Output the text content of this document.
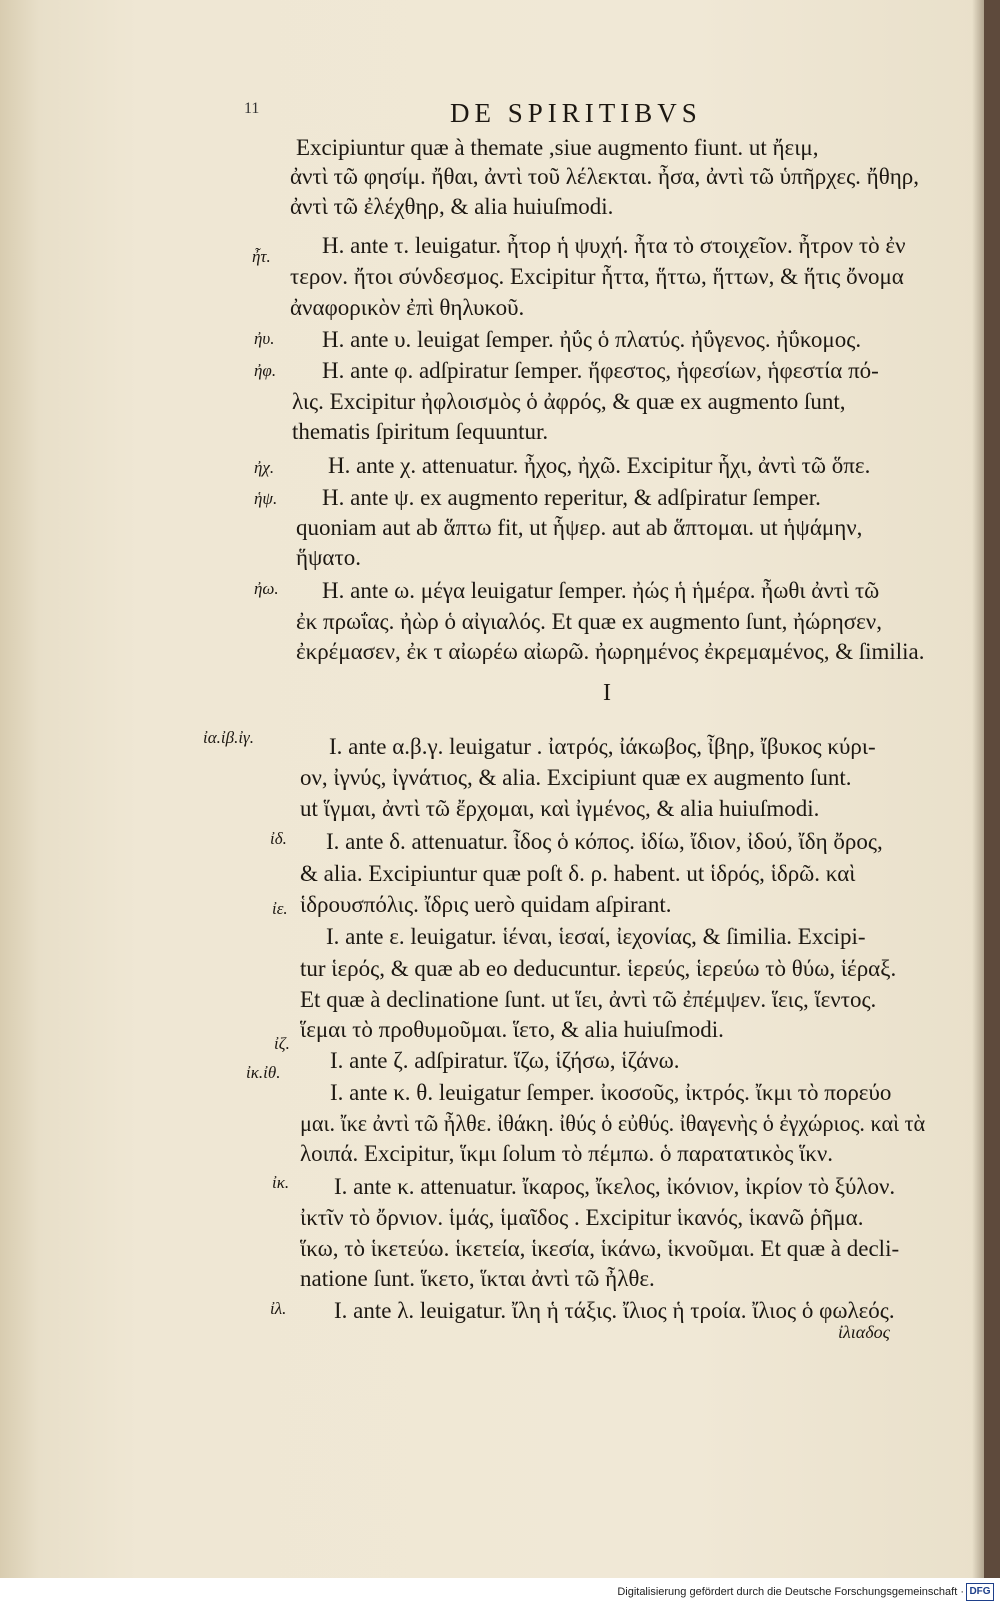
11	DE SPIRITIBVS
Excipiuntur quæ à themate ,siue augmento fiunt. ut ἤειμ,
ἀντὶ τῶ φησίμ. ἤθαι, ἀντὶ τοῦ λέλεκται. ἦσα, ἀντὶ τῶ ὑπῆρχες. ἤθηρ,
ἀντὶ τῶ ἐλέχθηρ, & alia huiuſmodi.
H. ante τ. leuigatur. ἦτορ ἡ ψυχή. ἦτα τὸ στοιχεῖον. ἦτρον τὸ ἐν
τερον. ἤτοι σύνδεσμος. Excipitur ἧττα, ἥττω, ἥττων, & ἥτις ὄνομα
ἀναφορικὸν ἐπὶ θηλυκοῦ.
H. ante υ. leuigat ſemper. ἠΰς ὁ πλατύς. ἠΰγενος. ἠΰκομος.
H. ante φ. adſpiratur ſemper. ἥφεστος, ἡφεσίων, ἡφεστία πό-
λις. Excipitur ἠφλοισμὸς ὁ ἀφρός, & quæ ex augmento ſunt,
thematis ſpiritum ſequuntur.
H. ante χ. attenuatur. ἦχος, ἠχῶ. Excipitur ἧχι, ἀντὶ τῶ ὅπε.
H. ante ψ. ex augmento reperitur, & adſpiratur ſemper.
quoniam aut ab ἅπτω fit, ut ἧψερ. aut ab ἅπτομαι. ut ἡψάμην,
ἥψατο.
H. ante ω. μέγα leuigatur ſemper. ἠώς ἡ ἡμέρα. ἦωθι ἀντὶ τῶ
ἐκ πρωΐας. ἠὼρ ὁ αἰγιαλός. Et quæ ex augmento ſunt, ἠώρησεν,
ἐκρέμασεν, ἐκ τ αἰωρέω αἰωρῶ. ἠωρημένος ἐκρεμαμένος, & ſimilia.
I
I. ante α.β.γ. leuigatur . ἰατρός, ἰάκωβος, ἶβηρ, ἴβυκος κύρι-
ον, ἰγνύς, ἰγνάτιος, & alia. Excipiunt quæ ex augmento ſunt.
ut ἵγμαι, ἀντὶ τῶ ἔρχομαι, καὶ ἰγμένος, & alia huiuſmodi.
I. ante δ. attenuatur. ἶδος ὁ κόπος. ἰδίω, ἴδιον, ἰδού, ἴδη ὄρος,
& alia. Excipiuntur quæ poſt δ. ρ. habent. ut ἱδρός, ἱδρῶ. καὶ
ἱδρουσπόλις. ἴδρις uerò quidam aſpirant.
I. ante ε. leuigatur. ἱέναι, ἱεσαί, ἰεχονίας, & ſimilia. Excipi-
tur ἱερός, & quæ ab eo deducuntur. ἱερεύς, ἱερεύω τὸ θύω, ἱέραξ.
Et quæ à declinatione ſunt. ut ἵει, ἀντὶ τῶ ἐπέμψεν. ἵεις, ἵεντος.
ἵεμαι τὸ προθυμοῦμαι. ἵετο, & alia huiuſmodi.
I. ante ζ. adſpiratur. ἵζω, ἱζήσω, ἱζάνω.
I. ante κ. θ. leuigatur ſemper. ἰκοσοῦς, ἰκτρός. ἴκμι τὸ πορεύο
μαι. ἴκε ἀντὶ τῶ ἦλθε. ἰθάκη. ἰθύς ὁ εὐθύς. ἰθαγενὴς ὁ ἐγχώριος. καὶ τὰ
λοιπά. Excipitur, ἵκμι ſolum τὸ πέμπω. ὁ παρατατικὸς ἵκν.
I. ante κ. attenuatur. ἴκαρος, ἴκελος, ἰκόνιον, ἰκρίον τὸ ξύλον.
ἰκτῖν τὸ ὄρνιον. ἱμάς, ἱμαῖδος . Excipitur ἱκανός, ἱκανῶ ῥῆμα.
ἵκω, τὸ ἱκετεύω. ἱκετεία, ἱκεσία, ἱκάνω, ἱκνοῦμαι. Et quæ à decli-
natione ſunt. ἵκετο, ἵκται ἀντὶ τῶ ἦλθε.
I. ante λ. leuigatur. ἴλη ἡ τάξις. ἴλιος ἡ τροία. ἴλιος ὁ φωλεός.
ἰλιαδος
ἦτ.
ἠυ.
ἠφ.
ἠχ.
ἡψ.
ἠω.
ἰα.ἰβ.ἰγ.
ἰδ.
ἰε.
ἰζ.
ἰκ.ἰθ.
ἰκ.
ἰλ.
Digitalisierung gefördert durch die Deutsche Forschungsgemeinschaft · DFG
